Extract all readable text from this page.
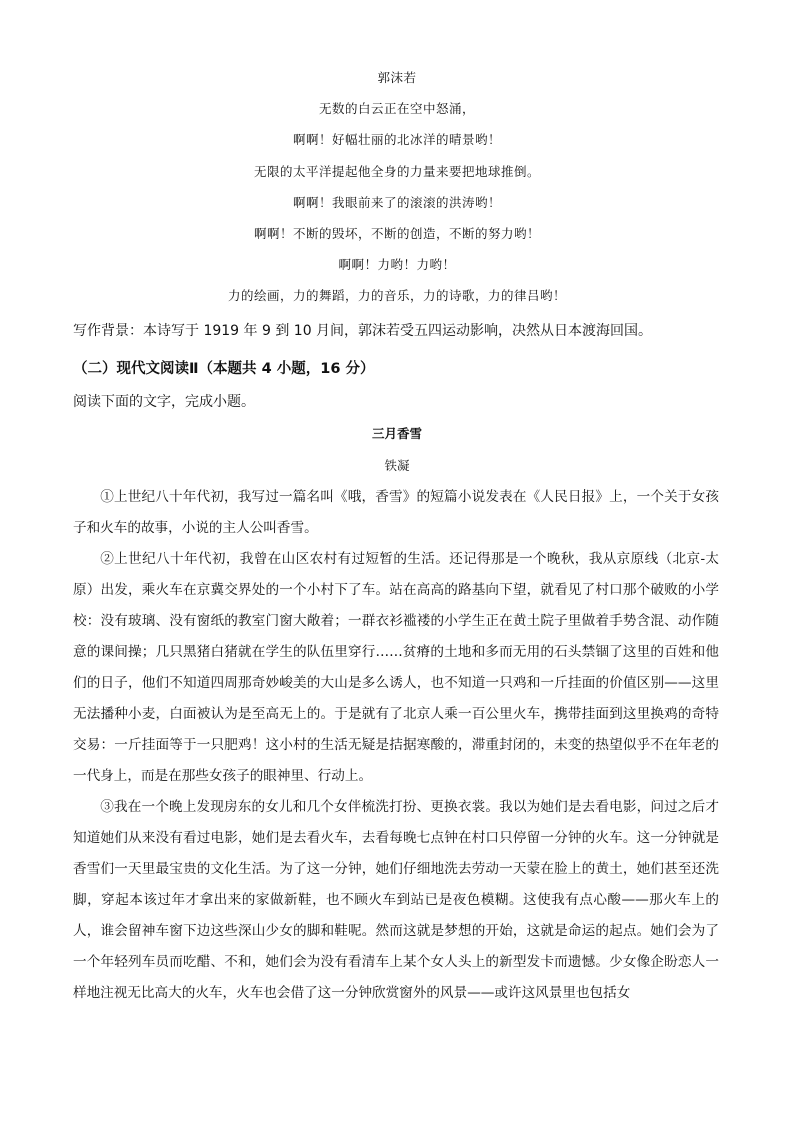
郭沫若
无数的白云正在空中怒涌，
啊啊！好幅壮丽的北冰洋的晴景哟！
无限的太平洋提起他全身的力量来要把地球推倒。
啊啊！我眼前来了的滚滚的洪涛哟！
啊啊！不断的毁坏，不断的创造，不断的努力哟！
啊啊！力哟！力哟！
力的绘画，力的舞蹈，力的音乐，力的诗歌，力的律吕哟！
写作背景：本诗写于 1919 年 9 到 10 月间，郭沫若受五四运动影响，决然从日本渡海回国。
（二）现代文阅读Ⅱ（本题共 4 小题，16 分）
阅读下面的文字，完成小题。
三月香雪
铁凝

①上世纪八十年代初，我写过一篇名叫《哦，香雪》的短篇小说发表在《人民日报》上，一个关于女孩子和火车的故事，小说的主人公叫香雪。

②上世纪八十年代初，我曾在山区农村有过短暂的生活。还记得那是一个晚秋，我从京原线（北京-太原）出发，乘火车在京冀交界处的一个小村下了车。站在高高的路基向下望，就看见了村口那个破败的小学校：没有玻璃、没有窗纸的教室门窗大敞着；一群衣衫褴褛的小学生正在黄土院子里做着手势含混、动作随意的课间操；几只黑猪白猪就在学生的队伍里穿行……贫瘠的土地和多而无用的石头禁锢了这里的百姓和他们的日子，他们不知道四周那奇妙峻美的大山是多么诱人，也不知道一只鸡和一斤挂面的价值区别——这里无法播种小麦，白面被认为是至高无上的。于是就有了北京人乘一百公里火车，携带挂面到这里换鸡的奇特交易：一斤挂面等于一只肥鸡！这小村的生活无疑是拮据寒酸的，滞重封闭的，未变的热望似乎不在年老的一代身上，而是在那些女孩子的眼神里、行动上。

③我在一个晚上发现房东的女儿和几个女伴梳洗打扮、更换衣裳。我以为她们是去看电影，问过之后才知道她们从来没有看过电影，她们是去看火车，去看每晚七点钟在村口只停留一分钟的火车。这一分钟就是香雪们一天里最宝贵的文化生活。为了这一分钟，她们仔细地洗去劳动一天蒙在脸上的黄土，她们甚至还洗脚，穿起本该过年才拿出来的家做新鞋，也不顾火车到站已是夜色模糊。这使我有点心酸——那火车上的人，谁会留神车窗下边这些深山少女的脚和鞋呢。然而这就是梦想的开始，这就是命运的起点。她们会为了一个年轻列车员而吃醋、不和，她们会为没有看清车上某个女人头上的新型发卡而遗憾。少女像企盼恋人一样地注视无比高大的火车，火车也会借了这一分钟欣赏窗外的风景——或许这风景里也包括女
